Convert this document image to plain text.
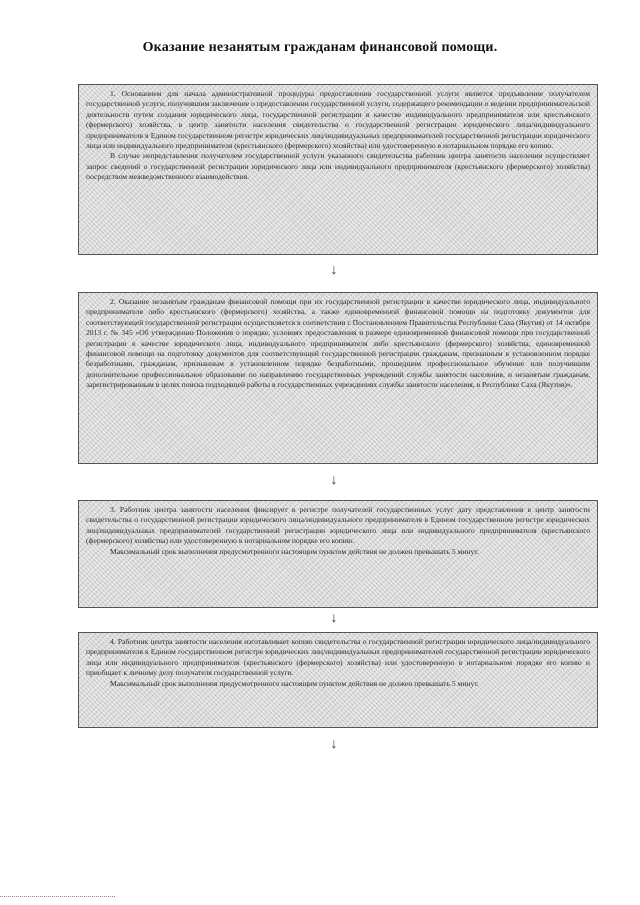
Оказание незанятым гражданам финансовой помощи.

1. Основанием для начала административной процедуры предоставления государственной услуги является предъявление получателем государственной услуги, получившим заключение о предоставлении государственной услуги, содержащего рекомендации о ведении предпринимательской деятельности путем создания юридического лица, государственной регистрации в качестве индивидуального предпринимателя или крестьянского (фермерского) хозяйства, в центр занятости населения свидетельства о государственной регистрации юридического лица/индивидуального предпринимателя в Едином государственном регистре юридических лиц/индивидуальных предпринимателей государственной регистрации юридического лица или индивидуального предпринимателя (крестьянского (фермерского) хозяйства) или удостоверенную в нотариальном порядке его копию.

В случае непредставления получателем государственной услуги указанного свидетельства работник центра занятости населения осуществляет запрос сведений о государственной регистрации юридического лица или индивидуального предпринимателя (крестьянского (фермерского) хозяйства) посредством межведомственного взаимодействия.

↓

2. Оказание незанятым гражданам финансовой помощи при их государственной регистрации в качестве юридического лица, индивидуального предпринимателя либо крестьянского (фермерского) хозяйства, а также единовременной финансовой помощи на подготовку документов для соответствующей государственной регистрации осуществляется в соответствии с Постановлением Правительства Республики Саха (Якутия) от 14 октября 2013 г. № 345 «Об утверждении Положения о порядке, условиях предоставления и размере единовременной финансовой помощи при государственной регистрации в качестве юридического лица, индивидуального предпринимателя либо крестьянского (фермерского) хозяйства, единовременной финансовой помощи на подготовку документов для соответствующей государственной регистрации гражданам, признанным в установленном порядке безработными, гражданам, признанным в установленном порядке безработными, прошедшим профессиональное обучение или получившим дополнительное профессиональное образование по направлению государственных учреждений службы занятости населения, и незанятым гражданам, зарегистрированным в целях поиска подходящей работы в государственных учреждениях службы занятости населения, в Республике Саха (Якутия)».

↓

3. Работник центра занятости населения фиксирует в регистре получателей государственных услуг дату представления в центр занятости свидетельства о государственной регистрации юридического лица/индивидуального предпринимателя в Едином государственном регистре юридических лиц/индивидуальных предпринимателей государственной регистрации юридического лица или индивидуального предпринимателя (крестьянского (фермерского) хозяйства) или удостоверенную в нотариальном порядке его копию.

Максимальный срок выполнения предусмотренного настоящим пунктом действия не должен превышать 5 минут.

↓

4. Работник центра занятости населения изготавливает копию свидетельства о государственной регистрации юридического лица/индивидуального предпринимателя в Едином государственном регистре юридических лиц/индивидуальных предпринимателей государственной регистрации юридического лица или индивидуального предпринимателя (крестьянского (фермерского) хозяйства) или удостоверенную в нотариальном порядке его копию и приобщает к личному делу получателя государственной услуги.

Максимальный срок выполнения предусмотренного настоящим пунктом действия не должен превышать 5 минут.

↓
